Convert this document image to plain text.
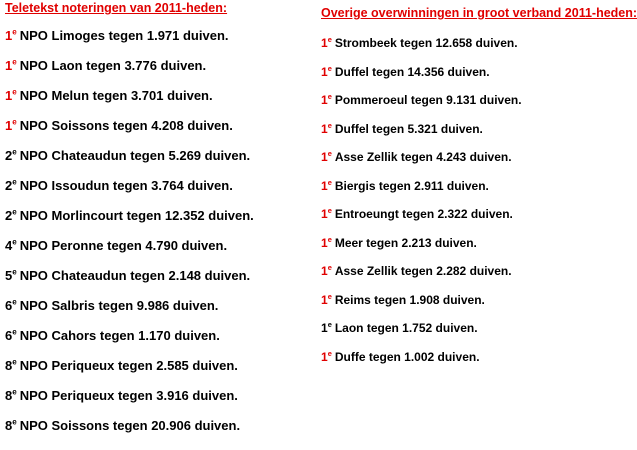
Teletekst noteringen van 2011-heden:
1e NPO Limoges tegen 1.971 duiven.
1e NPO Laon tegen 3.776 duiven.
1e NPO Melun tegen 3.701 duiven.
1e NPO Soissons tegen 4.208 duiven.
2e NPO Chateaudun tegen 5.269 duiven.
2e NPO Issoudun tegen 3.764 duiven.
2e NPO Morlincourt tegen 12.352 duiven.
4e NPO Peronne tegen 4.790 duiven.
5e NPO Chateaudun tegen 2.148 duiven.
6e NPO Salbris tegen 9.986 duiven.
6e NPO Cahors tegen 1.170 duiven.
8e NPO Periqueux tegen 2.585 duiven.
8e NPO Periqueux tegen 3.916 duiven.
8e NPO Soissons tegen 20.906 duiven.
Overige overwinningen in groot verband 2011-heden:
1e Strombeek tegen 12.658 duiven.
1e Duffel tegen 14.356 duiven.
1e Pommeroeul tegen 9.131 duiven.
1e Duffel tegen 5.321 duiven.
1e Asse Zellik tegen 4.243 duiven.
1e Biergis tegen 2.911 duiven.
1e Entroeungt tegen 2.322 duiven.
1e Meer tegen 2.213 duiven.
1e Asse Zellik tegen 2.282 duiven.
1e Reims tegen 1.908 duiven.
1e Laon tegen 1.752 duiven.
1e Duffe tegen 1.002 duiven.
